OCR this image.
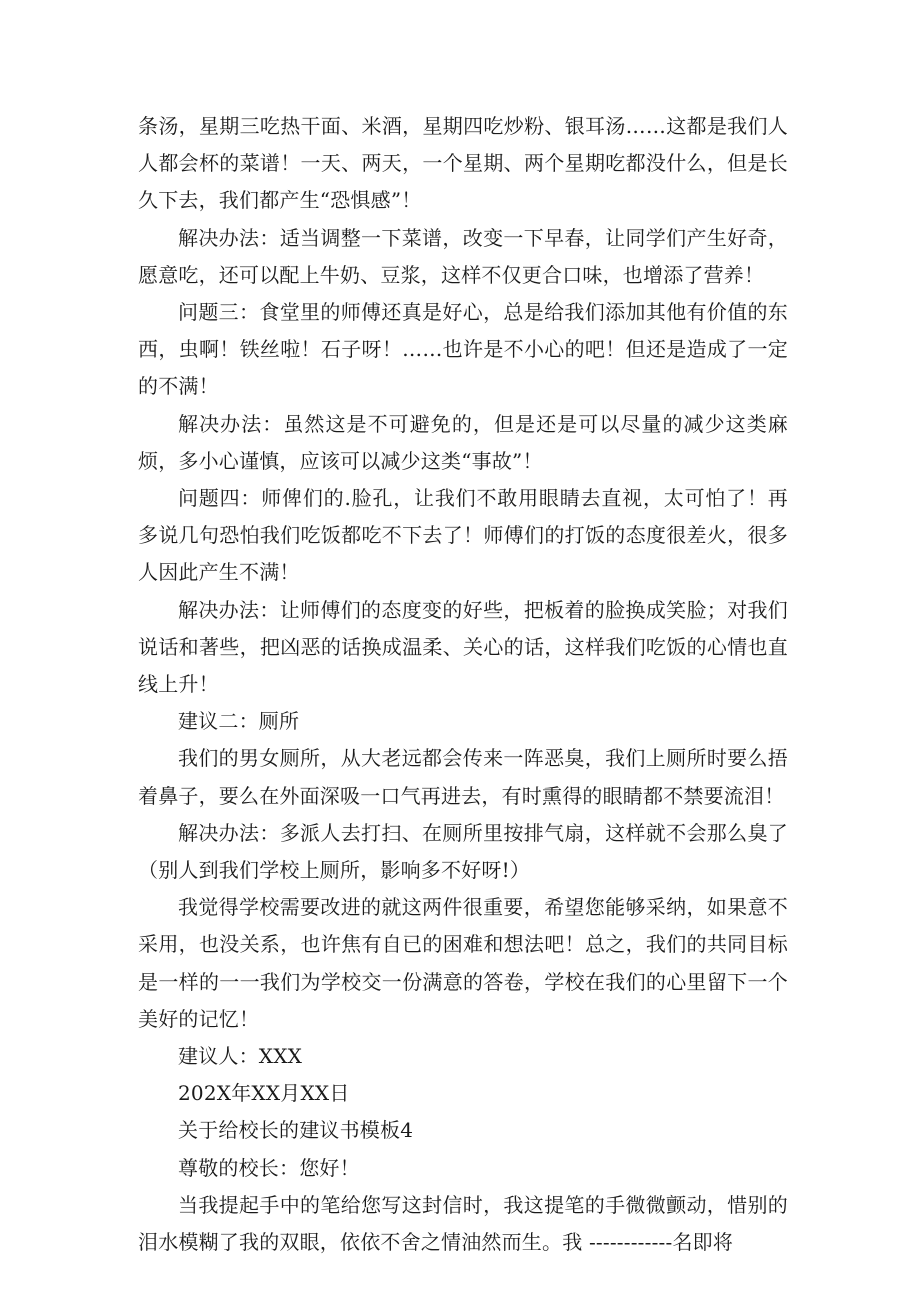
条汤，星期三吃热干面、米酒，星期四吃炒粉、银耳汤……这都是我们人人都会杯的菜谱！一天、两天，一个星期、两个星期吃都没什么，但是长久下去，我们都产生“恐惧感”！

解决办法：适当调整一下菜谱，改变一下早春，让同学们产生好奇，愿意吃，还可以配上牛奶、豆浆，这样不仅更合口味，也增添了营养！

问题三：食堂里的师傅还真是好心，总是给我们添加其他有价值的东西，虫啊！铁丝啦！石子呀！……也许是不小心的吧！但还是造成了一定的不满！

解决办法：虽然这是不可避免的，但是还是可以尽量的减少这类麻烦，多小心谨慎，应该可以减少这类“事故”！

问题四：师俾们的.脸孔，让我们不敢用眼睛去直视，太可怕了！再多说几句恐怕我们吃饭都吃不下去了！师傅们的打饭的态度很差火，很多人因此产生不满！

解决办法：让师傅们的态度变的好些，把板着的脸换成笑脸；对我们说话和著些，把凶恶的话换成温柔、关心的话，这样我们吃饭的心情也直线上升！

建议二：厕所

我们的男女厕所，从大老远都会传来一阵恶臭，我们上厕所时要么捂着鼻子，要么在外面深吸一口气再进去，有时熏得的眼睛都不禁要流泪！

解决办法：多派人去打扫、在厕所里按排气扇，这样就不会那么臭了（别人到我们学校上厕所，影响多不好呀!）

我觉得学校需要改进的就这两件很重要，希望您能够采纳，如果意不采用，也没关系，也许焦有自已的困难和想法吧！总之，我们的共同目标是一样的一一我们为学校交一份满意的答卷，学校在我们的心里留下一个美好的记忆！

建议人：XXX

202X年XX月XX日

关于给校长的建议书模板4

尊敬的校长：您好！

当我提起手中的笔给您写这封信时，我这提笔的手微微颤动，惜别的泪水模糊了我的双眼，依依不舍之情油然而生。我 ------------名即将
